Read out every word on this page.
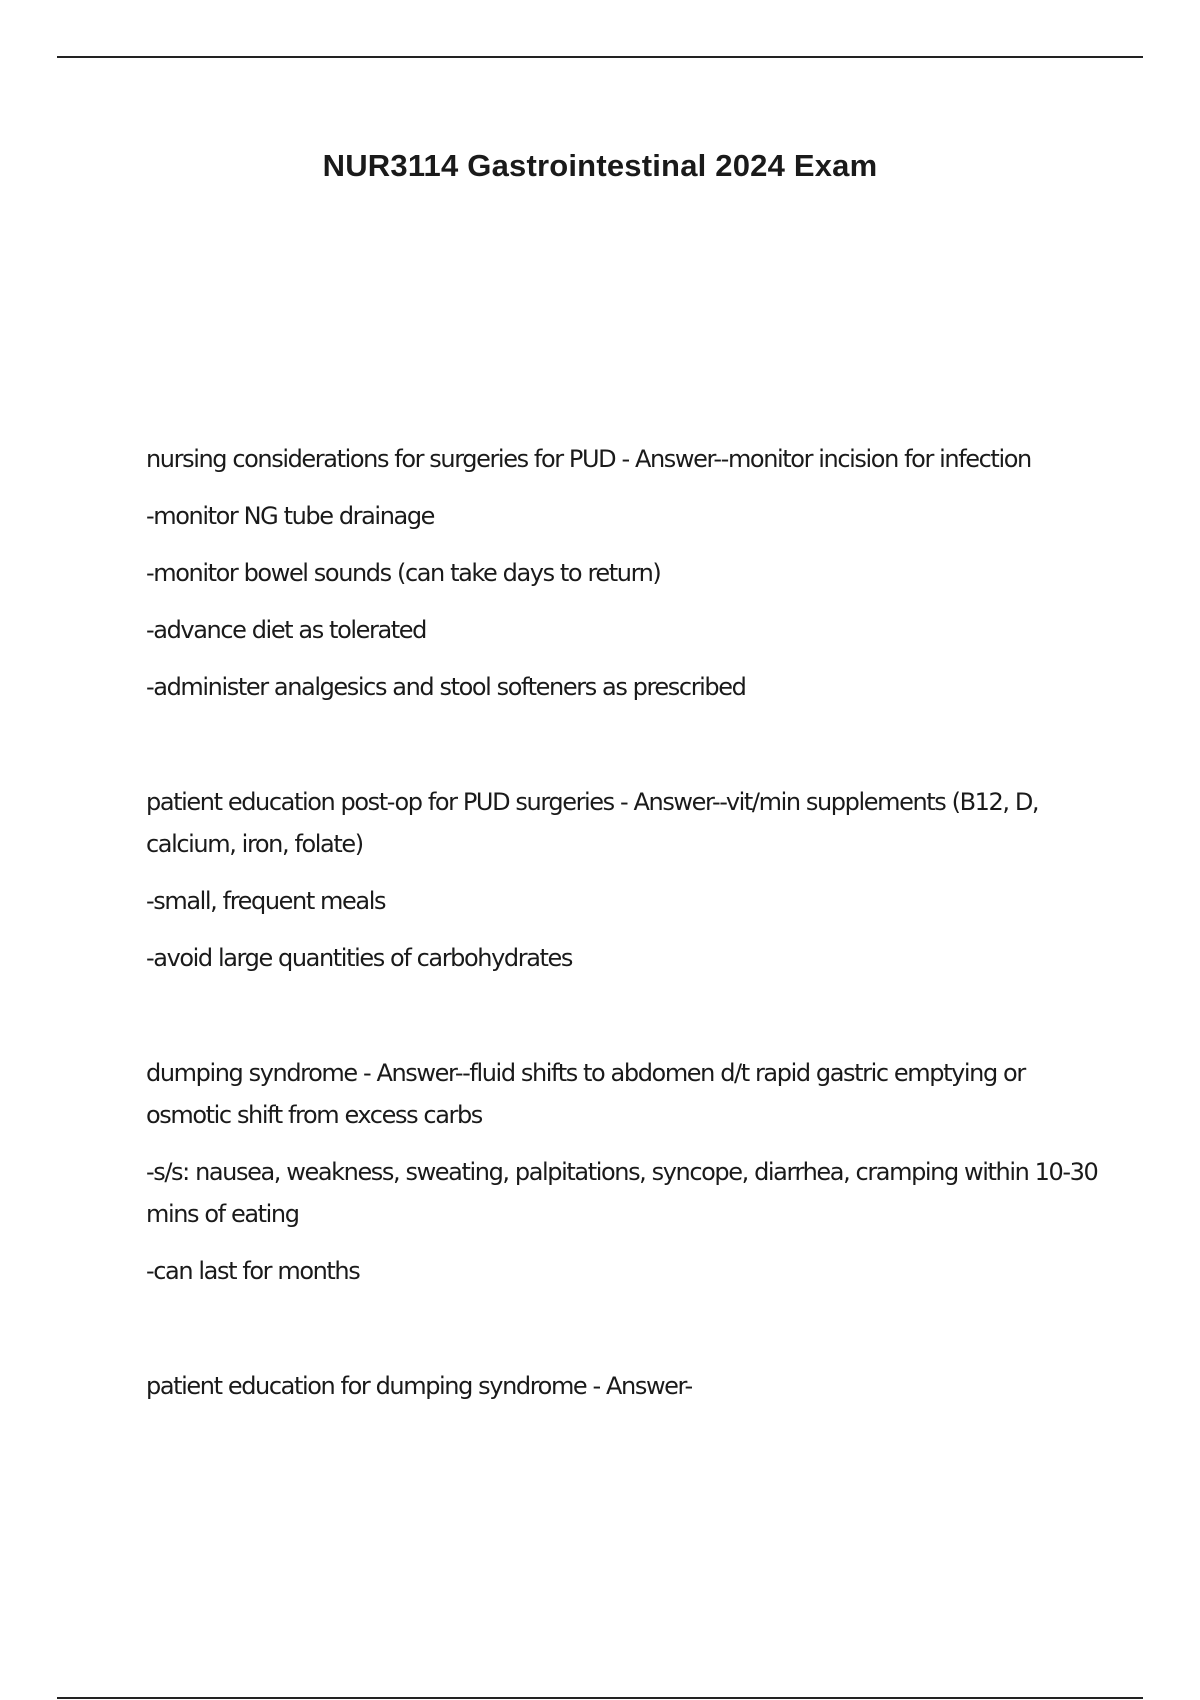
NUR3114 Gastrointestinal 2024 Exam

nursing considerations for surgeries for PUD - Answer--monitor incision for infection

-monitor NG tube drainage

-monitor bowel sounds (can take days to return)

-advance diet as tolerated

-administer analgesics and stool softeners as prescribed

patient education post-op for PUD surgeries - Answer--vit/min supplements (B12, D, calcium, iron, folate)

-small, frequent meals

-avoid large quantities of carbohydrates

dumping syndrome - Answer--fluid shifts to abdomen d/t rapid gastric emptying or osmotic shift from excess carbs

-s/s: nausea, weakness, sweating, palpitations, syncope, diarrhea, cramping within 10-30 mins of eating

-can last for months

patient education for dumping syndrome - Answer-
